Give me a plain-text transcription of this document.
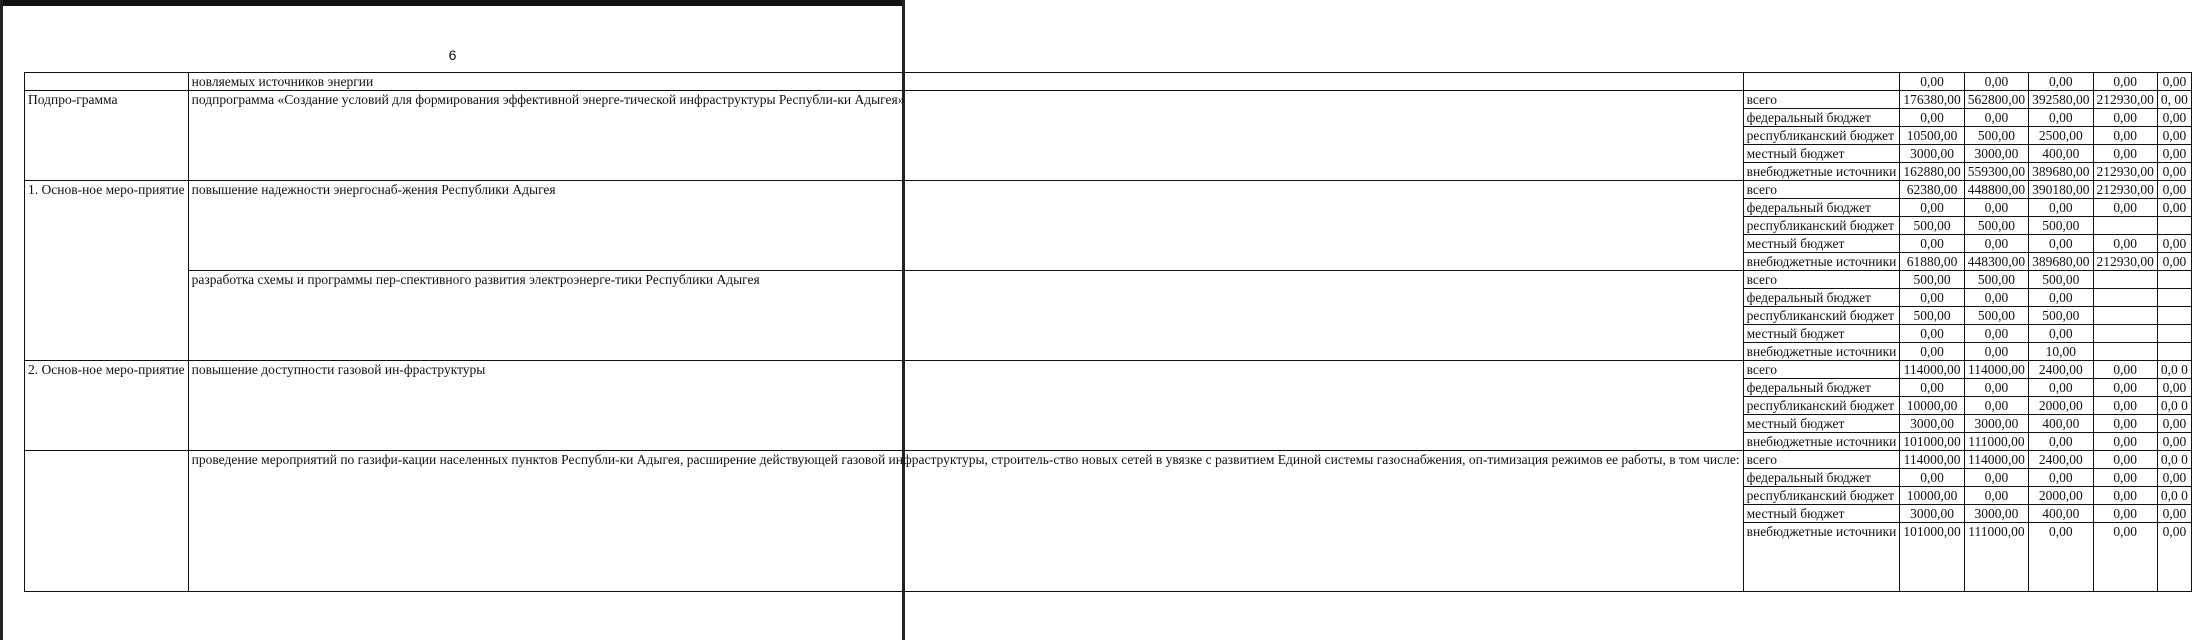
6
	новляемых источников энергии		0,00	0,00	0,00	0,00	0,00
Подпро-грамма	подпрограмма «Создание условий для формирования эффективной энерге-тической инфраструктуры Республи-ки Адыгея»	всего	176380,00	562800,00	392580,00	212930,00	0, 00
		федеральный бюджет	0,00	0,00	0,00	0,00	0,00
		республиканский бюджет	10500,00	500,00	2500,00	0,00	0,00
		местный бюджет	3000,00	3000,00	400,00	0,00	0,00
		внебюджетные источники	162880,00	559300,00	389680,00	212930,00	0,00
1. Основ-ное меро-приятие	повышение надежности энергоснаб-жения Республики Адыгея	всего	62380,00	448800,00	390180,00	212930,00	0,00
		федеральный бюджет	0,00	0,00	0,00	0,00	0,00
		республиканский бюджет	500,00	500,00	500,00		
		местный бюджет	0,00	0,00	0,00	0,00	0,00
		внебюджетные источники	61880,00	448300,00	389680,00	212930,00	0,00
	разработка схемы и программы пер-спективного развития электроэнерге-тики Республики Адыгея	всего	500,00	500,00	500,00		
		федеральный бюджет	0,00	0,00	0,00		
		республиканский бюджет	500,00	500,00	500,00		
		местный бюджет	0,00	0,00	0,00		
		внебюджетные источники	0,00	0,00	10,00		
2. Основ-ное меро-приятие	повышение доступности газовой ин-фраструктуры	всего	114000,00	114000,00	2400,00	0,00	0,0 0
		федеральный бюджет	0,00	0,00	0,00	0,00	0,00
		республиканский бюджет	10000,00	0,00	2000,00	0,00	0,0 0
		местный бюджет	3000,00	3000,00	400,00	0,00	0,00
		внебюджетные источники	101000,00	111000,00	0,00	0,00	0,00
	проведение мероприятий по газифи-кации населенных пунктов Республи-ки Адыгея, расширение действующей газовой инфраструктуры, строитель-ство новых сетей в увязке с развитием Единой системы газоснабжения, оп-тимизация режимов ее работы, в том числе:	всего	114000,00	114000,00	2400,00	0,00	0,0 0
		федеральный бюджет	0,00	0,00	0,00	0,00	0,00
		республиканский бюджет	10000,00	0,00	2000,00	0,00	0,0 0
		местный бюджет	3000,00	3000,00	400,00	0,00	0,00
		внебюджетные источники	101000,00	111000,00	0,00	0,00	0,00
